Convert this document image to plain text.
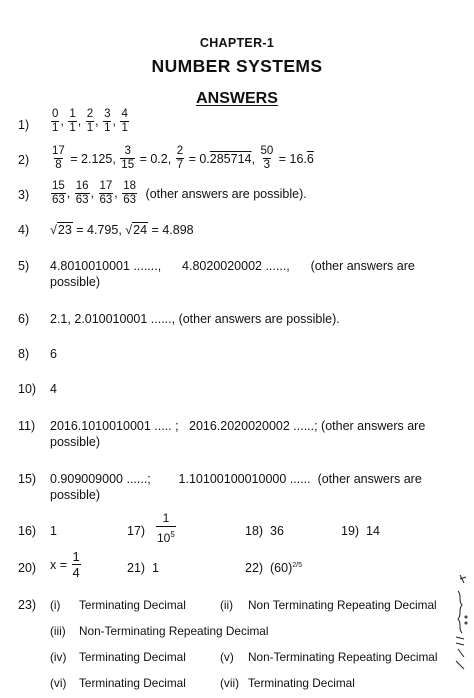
CHAPTER-1
NUMBER SYSTEMS
ANSWERS
$1) \frac{0}{1}$ , $\frac{1}{1}$ , $\frac{2}{1}$ , $\frac{3}{1}$ , $\frac{4}{1}$
$2) \frac{17}{8} = 2.125$, $\frac{3}{15} = 0.2$, $\frac{2}{7} = 0.285714$, $\frac{50}{3} = 16.6$
$3) \frac{15}{63}$ , $\frac{16}{63}$ , $\frac{17}{63}$ , $\frac{18}{63}$ (other answers are possible).
4) √23 = 4.795, √24 = 4.898
5) 4.8010010001 .......,      4.8020020002 ......,      (other answers are
possible)
6) 2.1, 2.010010001 ......, (other answers are possible).
8) 6
10) 4
11) 2016.1010010001 ..... ;   2016.2020020002 ......; (other answers are
possible)
15) 0.909009000 ......;        1.10100100010000 ......  (other answers are
possible)
16) 1	$17) \frac{1}{10^5}$	18)  36	19)  14
20) $x = \frac{1}{4}$	21)  1	22)  $(60)^{2/5}$
23) (i) Terminating Decimal	(ii) Non Terminating Repeating Decimal
(iii) Non-Terminating Repeating Decimal
(iv) Terminating Decimal	(v) Non-Terminating Repeating Decimal
(vi) Terminating Decimal	(vii) Terminating Decimal
